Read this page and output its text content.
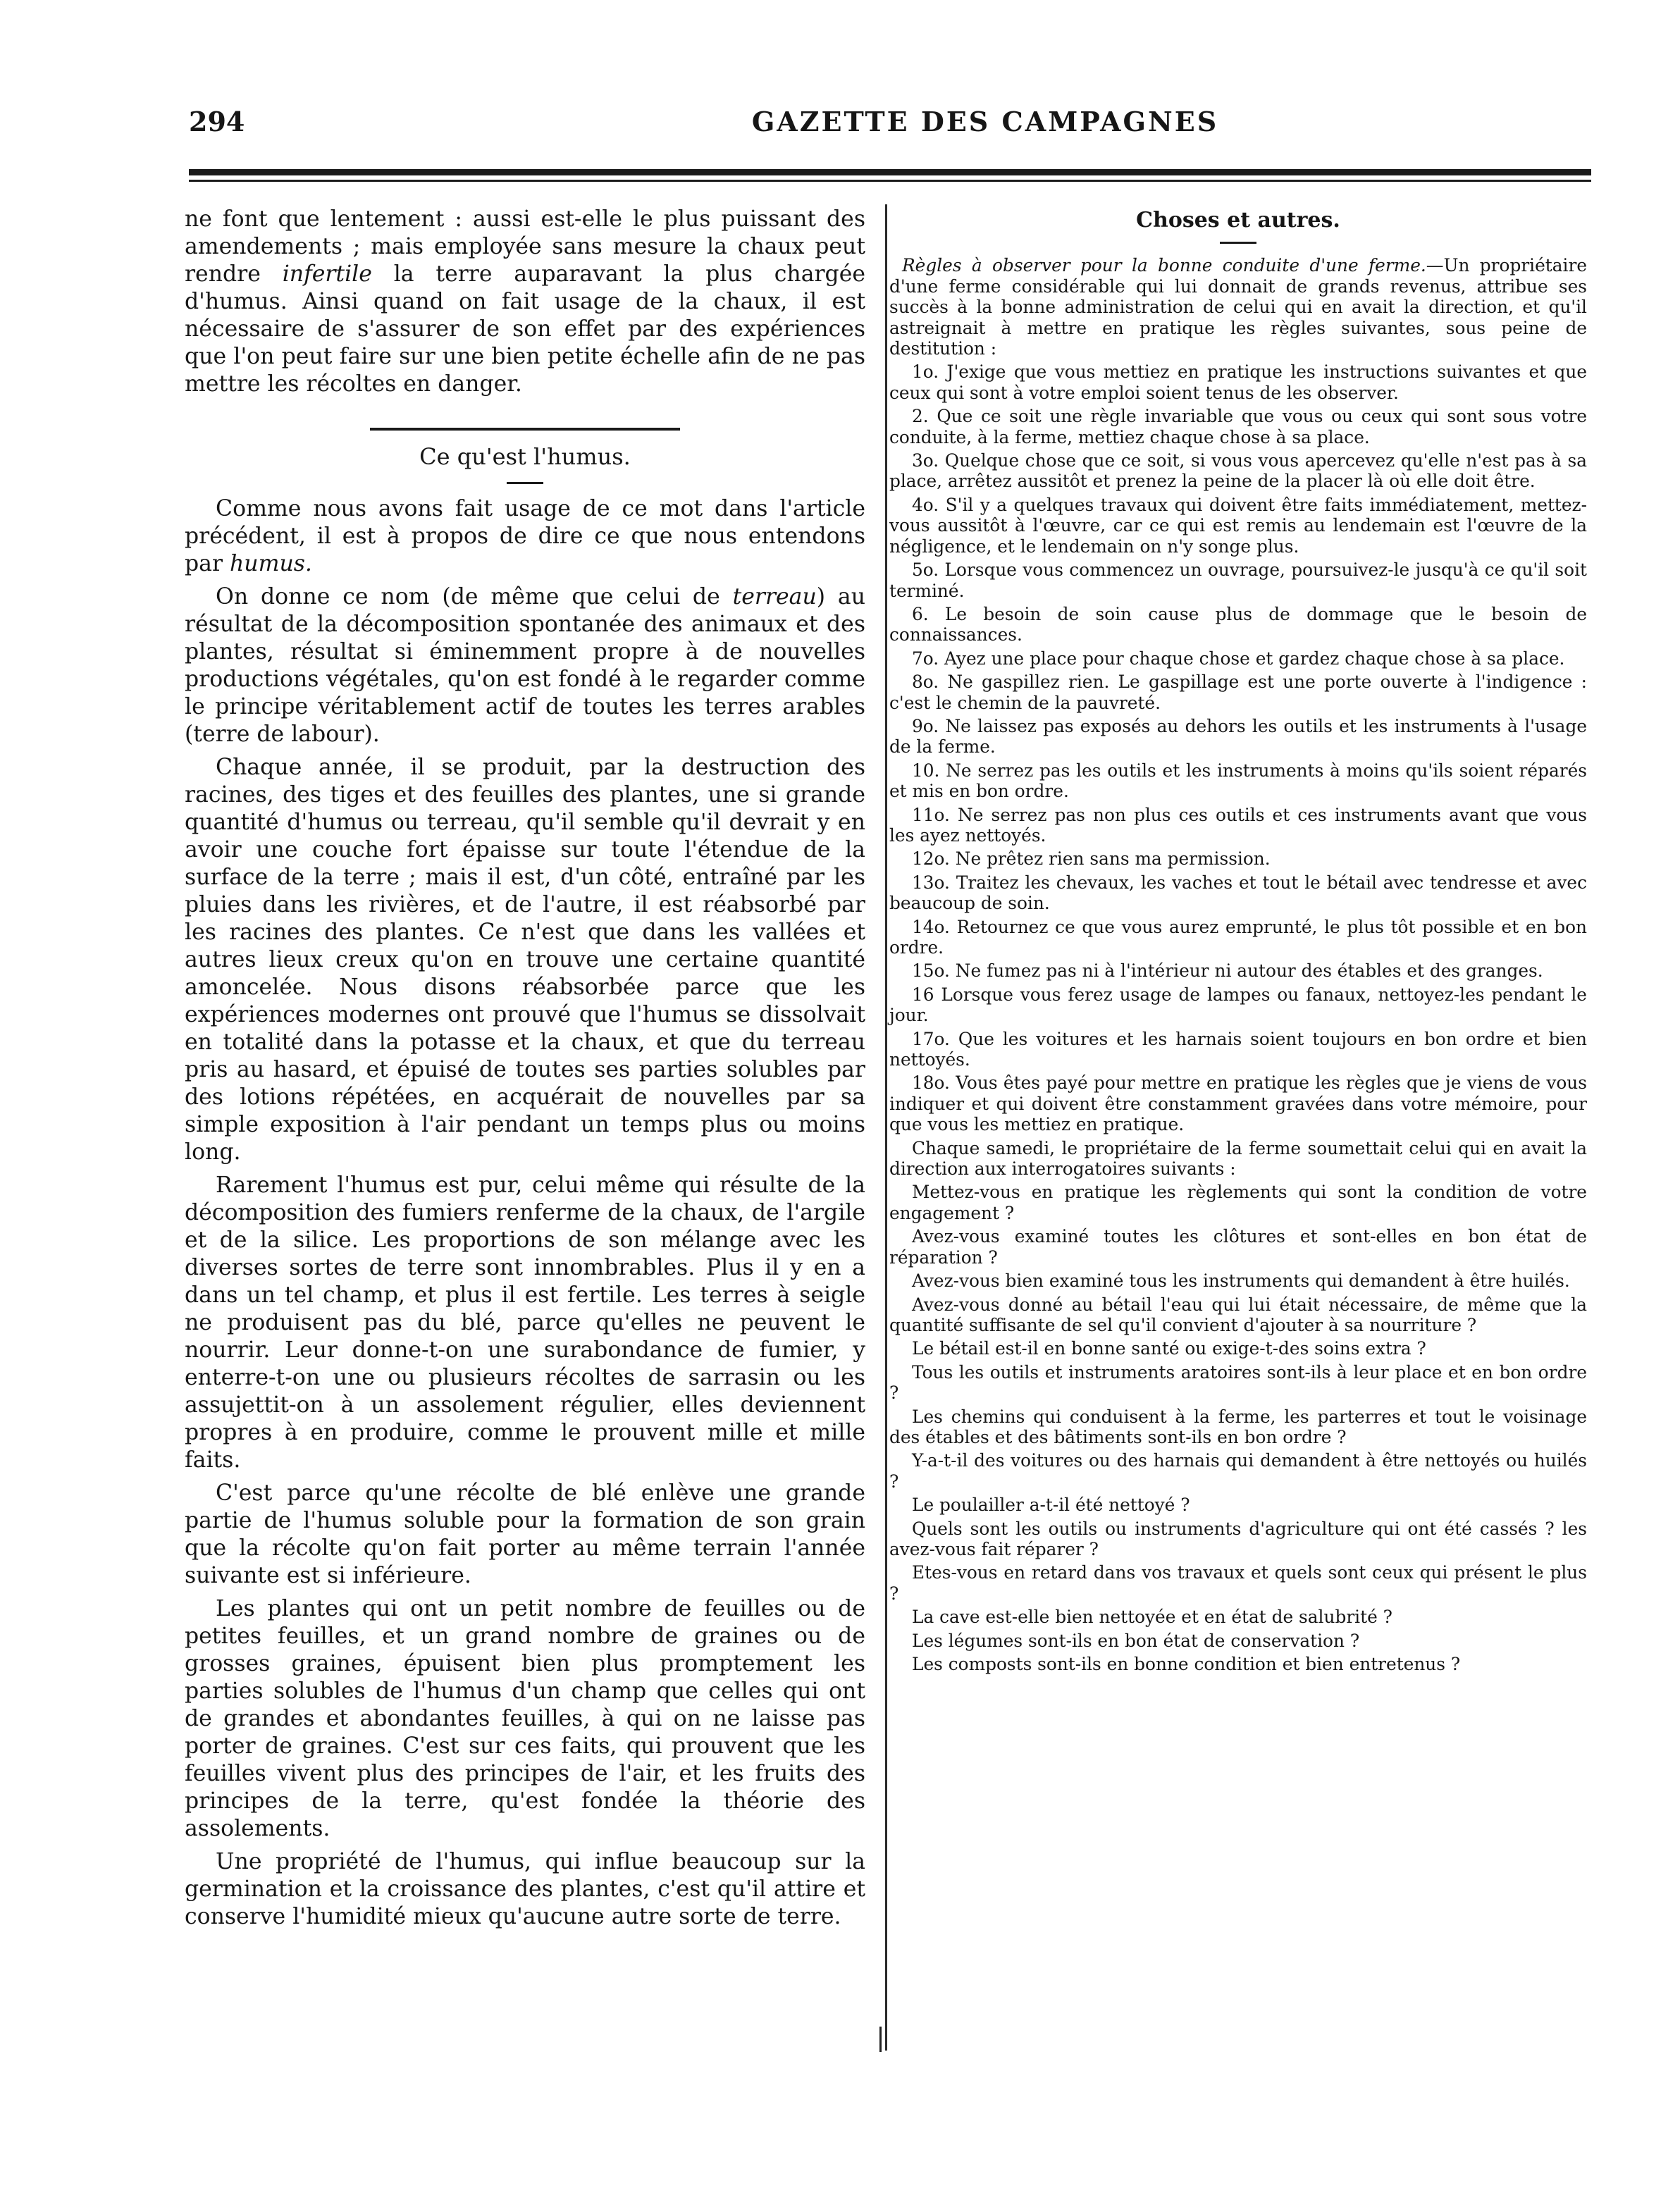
294	GAZETTE DES CAMPAGNES

ne font que lentement : aussi est-elle le plus puissant des amendements ; mais employée sans mesure la chaux peut rendre infertile la terre auparavant la plus chargée d'humus. Ainsi quand on fait usage de la chaux, il est nécessaire de s'assurer de son effet par des expériences que l'on peut faire sur une bien petite échelle afin de ne pas mettre les récoltes en danger.

Ce qu'est l'humus.

Comme nous avons fait usage de ce mot dans l'article précédent, il est à propos de dire ce que nous entendons par humus.

On donne ce nom (de même que celui de terreau) au résultat de la décomposition spontanée des animaux et des plantes, résultat si éminemment propre à de nouvelles productions végétales, qu'on est fondé à le regarder comme le principe véritablement actif de toutes les terres arables (terre de labour).

Chaque année, il se produit, par la destruction des racines, des tiges et des feuilles des plantes, une si grande quantité d'humus ou terreau, qu'il semble qu'il devrait y en avoir une couche fort épaisse sur toute l'étendue de la surface de la terre ; mais il est, d'un côté, entraîné par les pluies dans les rivières, et de l'autre, il est réabsorbé par les racines des plantes. Ce n'est que dans les vallées et autres lieux creux qu'on en trouve une certaine quantité amoncelée. Nous disons réabsorbée parce que les expériences modernes ont prouvé que l'humus se dissolvait en totalité dans la potasse et la chaux, et que du terreau pris au hasard, et épuisé de toutes ses parties solubles par des lotions répétées, en acquérait de nouvelles par sa simple exposition à l'air pendant un temps plus ou moins long.

Rarement l'humus est pur, celui même qui résulte de la décomposition des fumiers renferme de la chaux, de l'argile et de la silice. Les proportions de son mélange avec les diverses sortes de terre sont innombrables. Plus il y en a dans un tel champ, et plus il est fertile. Les terres à seigle ne produisent pas du blé, parce qu'elles ne peuvent le nourrir. Leur donne-t-on une surabondance de fumier, y enterre-t-on une ou plusieurs récoltes de sarrasin ou les assujettit-on à un assolement régulier, elles deviennent propres à en produire, comme le prouvent mille et mille faits.

C'est parce qu'une récolte de blé enlève une grande partie de l'humus soluble pour la formation de son grain que la récolte qu'on fait porter au même terrain l'année suivante est si inférieure.

Les plantes qui ont un petit nombre de feuilles ou de petites feuilles, et un grand nombre de graines ou de grosses graines, épuisent bien plus promptement les parties solubles de l'humus d'un champ que celles qui ont de grandes et abondantes feuilles, à qui on ne laisse pas porter de graines. C'est sur ces faits, qui prouvent que les feuilles vivent plus des principes de l'air, et les fruits des principes de la terre, qu'est fondée la théorie des assolements.

Une propriété de l'humus, qui influe beaucoup sur la germination et la croissance des plantes, c'est qu'il attire et conserve l'humidité mieux qu'aucune autre sorte de terre.

Choses et autres.

Règles à observer pour la bonne conduite d'une ferme.—Un propriétaire d'une ferme considérable qui lui donnait de grands revenus, attribue ses succès à la bonne administration de celui qui en avait la direction, et qu'il astreignait à mettre en pratique les règles suivantes, sous peine de destitution :

1o. J'exige que vous mettiez en pratique les instructions suivantes et que ceux qui sont à votre emploi soient tenus de les observer.

2. Que ce soit une règle invariable que vous ou ceux qui sont sous votre conduite, à la ferme, mettiez chaque chose à sa place.

3o. Quelque chose que ce soit, si vous vous apercevez qu'elle n'est pas à sa place, arrêtez aussitôt et prenez la peine de la placer là où elle doit être.

4o. S'il y a quelques travaux qui doivent être faits immédiatement, mettez-vous aussitôt à l'œuvre, car ce qui est remis au lendemain est l'œuvre de la négligence, et le lendemain on n'y songe plus.

5o. Lorsque vous commencez un ouvrage, poursuivez-le jusqu'à ce qu'il soit terminé.

6. Le besoin de soin cause plus de dommage que le besoin de connaissances.

7o. Ayez une place pour chaque chose et gardez chaque chose à sa place.

8o. Ne gaspillez rien. Le gaspillage est une porte ouverte à l'indigence : c'est le chemin de la pauvreté.

9o. Ne laissez pas exposés au dehors les outils et les instruments à l'usage de la ferme.

10. Ne serrez pas les outils et les instruments à moins qu'ils soient réparés et mis en bon ordre.

11o. Ne serrez pas non plus ces outils et ces instruments avant que vous les ayez nettoyés.

12o. Ne prêtez rien sans ma permission.

13o. Traitez les chevaux, les vaches et tout le bétail avec tendresse et avec beaucoup de soin.

14o. Retournez ce que vous aurez emprunté, le plus tôt possible et en bon ordre.

15o. Ne fumez pas ni à l'intérieur ni autour des étables et des granges.

16 Lorsque vous ferez usage de lampes ou fanaux, nettoyez-les pendant le jour.

17o. Que les voitures et les harnais soient toujours en bon ordre et bien nettoyés.

18o. Vous êtes payé pour mettre en pratique les règles que je viens de vous indiquer et qui doivent être constamment gravées dans votre mémoire, pour que vous les mettiez en pratique.

Chaque samedi, le propriétaire de la ferme soumettait celui qui en avait la direction aux interrogatoires suivants :

Mettez-vous en pratique les règlements qui sont la condition de votre engagement ?

Avez-vous examiné toutes les clôtures et sont-elles en bon état de réparation ?

Avez-vous bien examiné tous les instruments qui demandent à être huilés.

Avez-vous donné au bétail l'eau qui lui était nécessaire, de même que la quantité suffisante de sel qu'il convient d'ajouter à sa nourriture ?

Le bétail est-il en bonne santé ou exige-t-des soins extra ?

Tous les outils et instruments aratoires sont-ils à leur place et en bon ordre ?

Les chemins qui conduisent à la ferme, les parterres et tout le voisinage des étables et des bâtiments sont-ils en bon ordre ?

Y-a-t-il des voitures ou des harnais qui demandent à être nettoyés ou huilés ?

Le poulailler a-t-il été nettoyé ?

Quels sont les outils ou instruments d'agriculture qui ont été cassés ? les avez-vous fait réparer ?

Etes-vous en retard dans vos travaux et quels sont ceux qui présent le plus ?

La cave est-elle bien nettoyée et en état de salubrité ?

Les légumes sont-ils en bon état de conservation ?

Les composts sont-ils en bonne condition et bien entretenus ?
